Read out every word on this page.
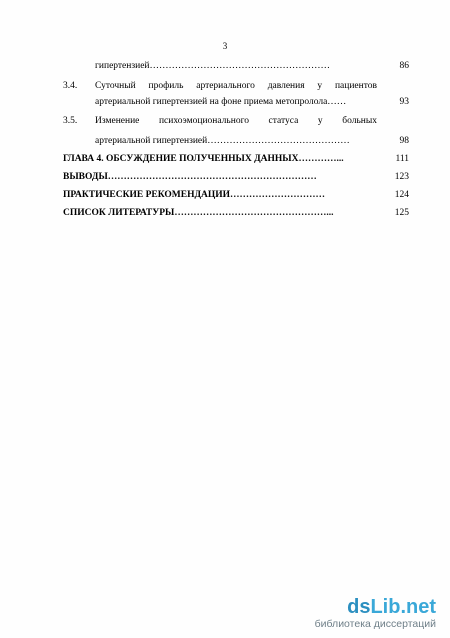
3
гипертензией…………………………………………………	86
3.4. Суточный профиль артериального давления у пациентов
артериальной гипертензией на фоне приема метопролола……	93
3.5. Изменение психоэмоционального статуса у больных
артериальной гипертензией………………………………………	98
ГЛАВА 4. ОБСУЖДЕНИЕ ПОЛУЧЕННЫХ ДАННЫХ…………...	111
ВЫВОДЫ…………………………………………………………	123
ПРАКТИЧЕСКИЕ РЕКОМЕНДАЦИИ…………………………	124
СПИСОК ЛИТЕРАТУРЫ…………………………………………...	125
dsLib.net
библиотека диссертаций
